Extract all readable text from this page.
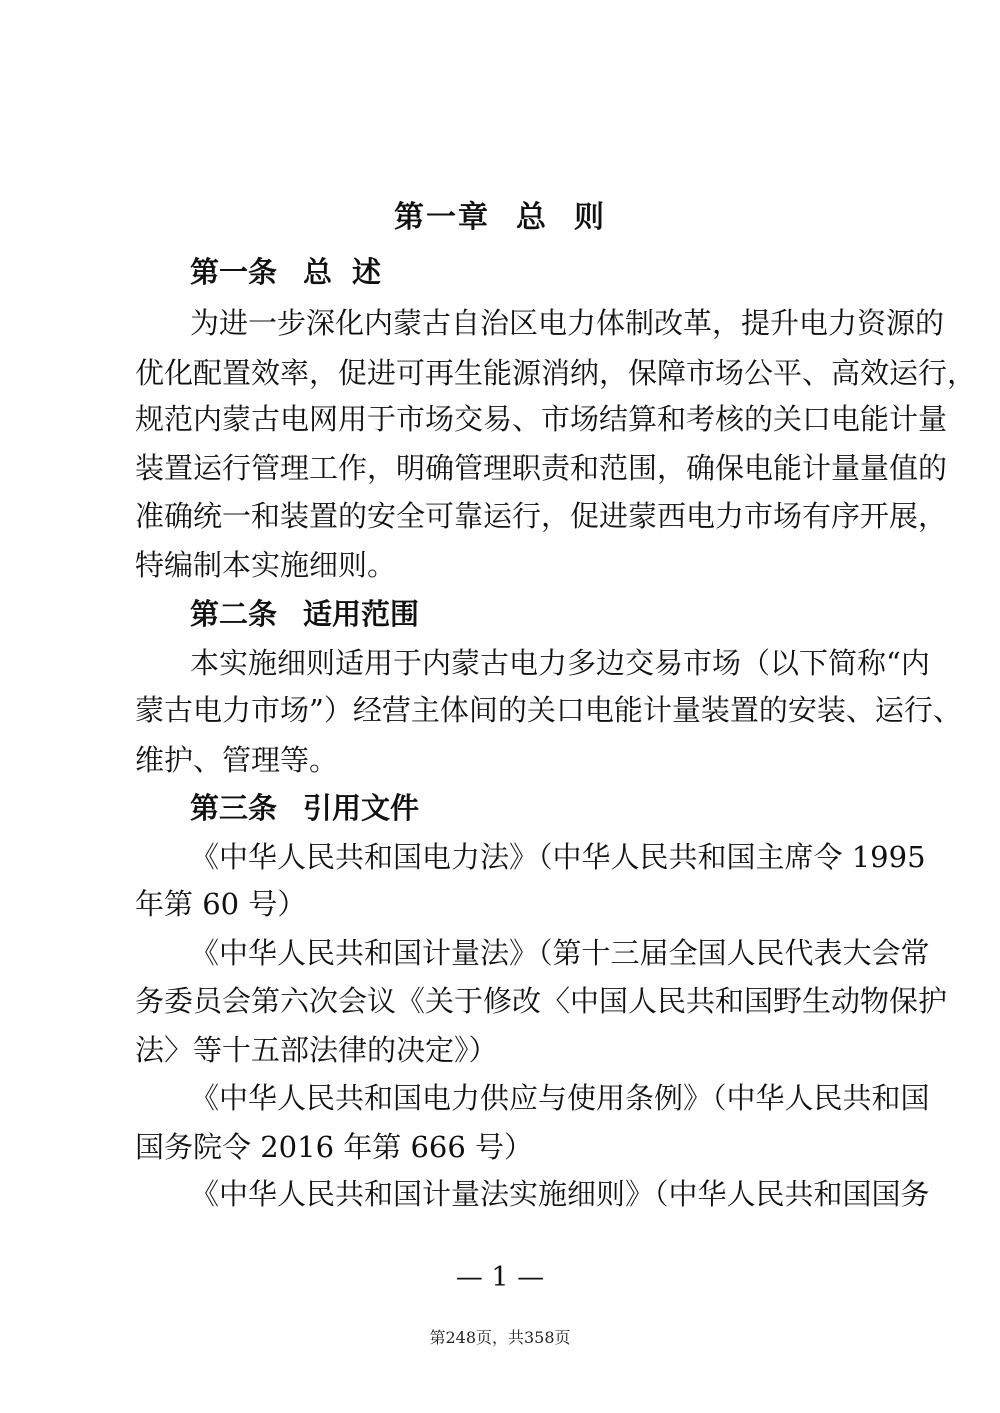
第一章 总 则
第一条 总 述
为进一步深化内蒙古自治区电力体制改革，提升电力资源的
优化配置效率，促进可再生能源消纳，保障市场公平、高效运行，
规范内蒙古电网用于市场交易、市场结算和考核的关口电能计量
装置运行管理工作，明确管理职责和范围，确保电能计量量值的
准确统一和装置的安全可靠运行，促进蒙西电力市场有序开展，
特编制本实施细则。
第二条 适用范围
本实施细则适用于内蒙古电力多边交易市场（以下简称“内
蒙古电力市场”）经营主体间的关口电能计量装置的安装、运行、
维护、管理等。
第三条 引用文件
《中华人民共和国电力法》（中华人民共和国主席令 1995
年第 60 号）
《中华人民共和国计量法》（第十三届全国人民代表大会常
务委员会第六次会议《关于修改〈中国人民共和国野生动物保护
法〉等十五部法律的决定》）
《中华人民共和国电力供应与使用条例》（中华人民共和国
国务院令 2016 年第 666 号）
《中华人民共和国计量法实施细则》（中华人民共和国国务
— 1 —
第248页，共358页
